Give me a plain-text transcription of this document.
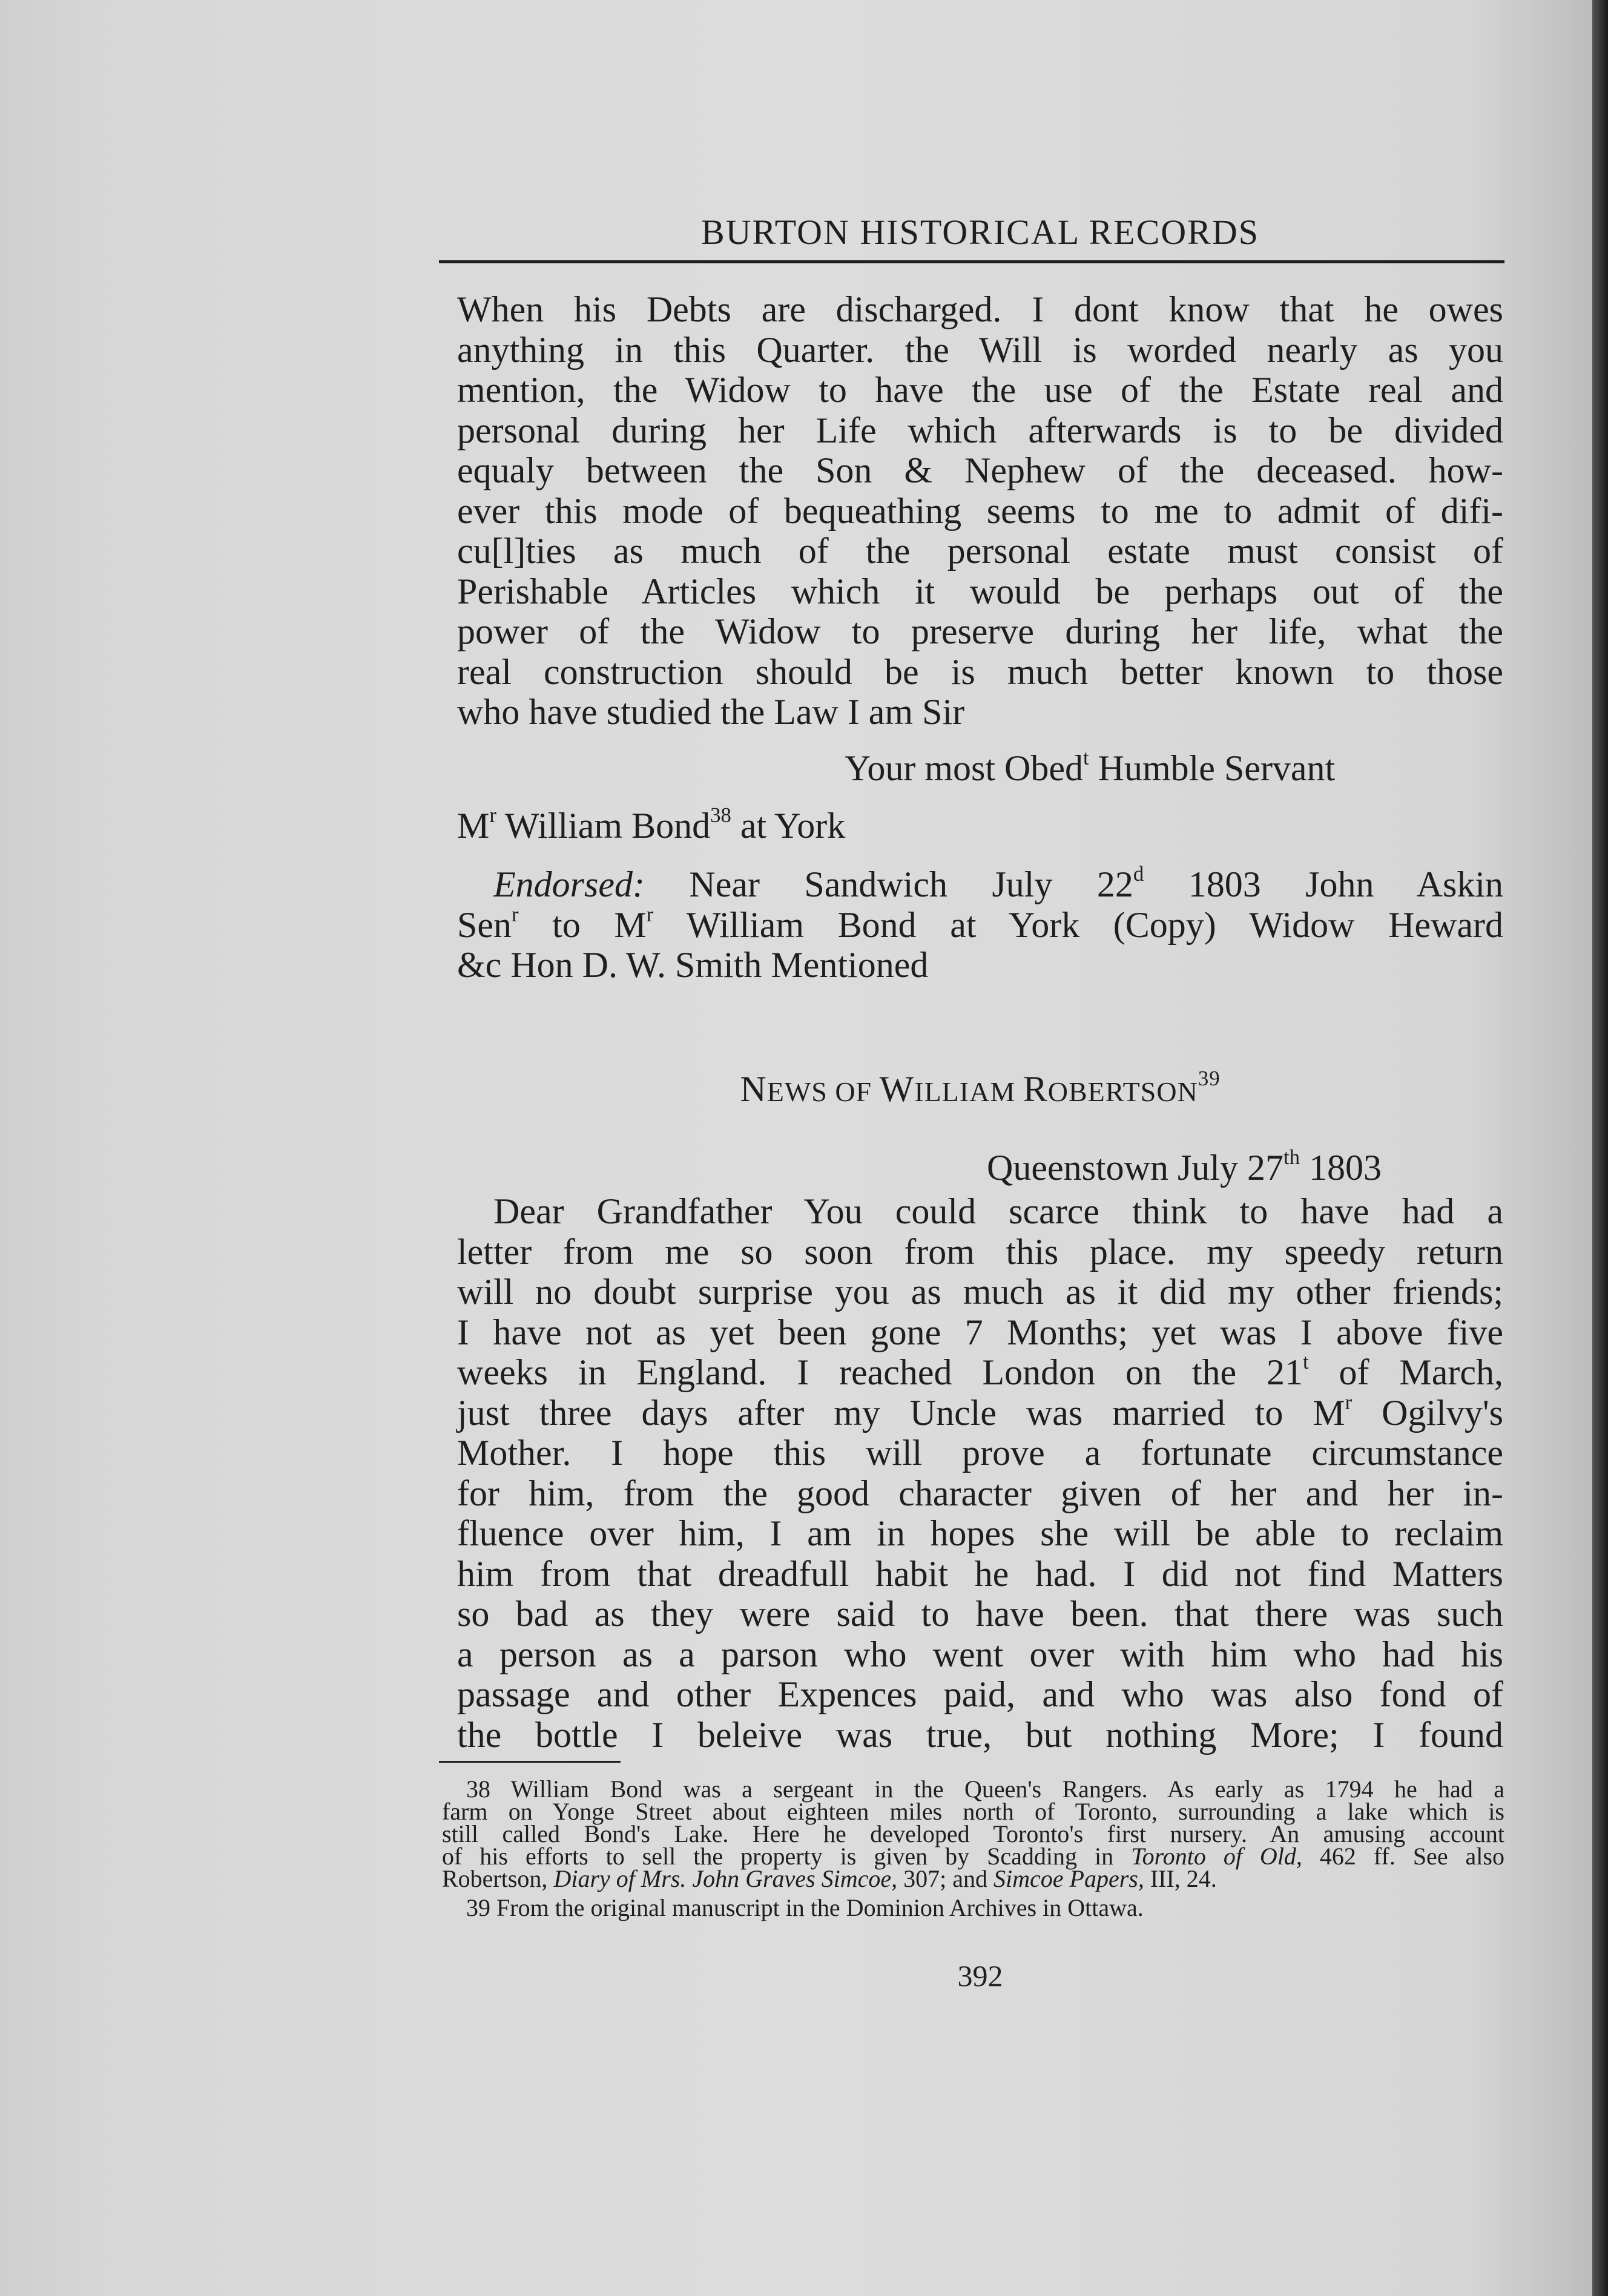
BURTON HISTORICAL RECORDS
When his Debts are discharged. I dont know that he owes
anything in this Quarter. the Will is worded nearly as you
mention, the Widow to have the use of the Estate real and
personal during her Life which afterwards is to be divided
equaly between the Son & Nephew of the deceased. how-
ever this mode of bequeathing seems to me to admit of difi-
cu[l]ties as much of the personal estate must consist of
Perishable Articles which it would be perhaps out of the
power of the Widow to preserve during her life, what the
real construction should be is much better known to those
who have studied the Law I am Sir
Your most Obed$^t$ Humble Servant
$M^r$ William Bond$^{38}$ at York
Endorsed: Near Sandwich July 22$^d$ 1803 John Askin
Sen$^r$ to $M^r$ William Bond at York (Copy) Widow Heward
&c Hon D. W. Smith Mentioned
NEWS OF WILLIAM ROBERTSON$^{39}$
Queenstown July 27th 1803
Dear Grandfather You could scarce think to have had a
letter from me so soon from this place. my speedy return
will no doubt surprise you as much as it did my other friends;
I have not as yet been gone 7 Months; yet was I above five
weeks in England. I reached London on the 21$^t$ of March,
just three days after my Uncle was married to $M^r$ Ogilvy's
Mother. I hope this will prove a fortunate circumstance
for him, from the good character given of her and her in-
fluence over him, I am in hopes she will be able to reclaim
him from that dreadfull habit he had. I did not find Matters
so bad as they were said to have been. that there was such
a person as a parson who went over with him who had his
passage and other Expences paid, and who was also fond of
the bottle I beleive was true, but nothing More; I found
38 William Bond was a sergeant in the Queen's Rangers. As early as 1794 he had a
farm on Yonge Street about eighteen miles north of Toronto, surrounding a lake which is
still called Bond's Lake. Here he developed Toronto's first nursery. An amusing account
of his efforts to sell the property is given by Scadding in Toronto of Old, 462 ff. See also
Robertson, Diary of Mrs. John Graves Simcoe, 307; and Simcoe Papers, III, 24.
39 From the original manuscript in the Dominion Archives in Ottawa.
392
